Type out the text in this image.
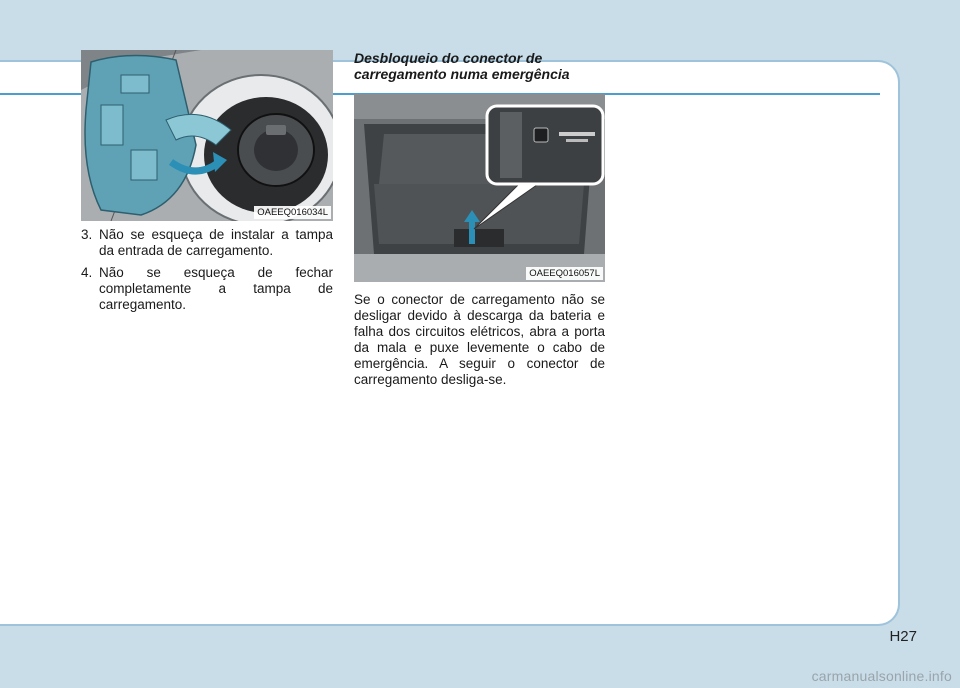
OAEEQ016034L
3. Não se esqueça de instalar a tampa da entrada de carregamento.
4. Não se esqueça de fechar completamente a tampa de carregamento.
Desbloqueio do conector de carregamento numa emergência
OAEEQ016057L

Se o conector de carregamento não se desligar devido à descarga da bateria e falha dos circuitos elétricos, abra a porta da mala e puxe levemente o cabo de emergência. A seguir o conector de carregamento desliga-se.

H27
carmanualsonline.info
